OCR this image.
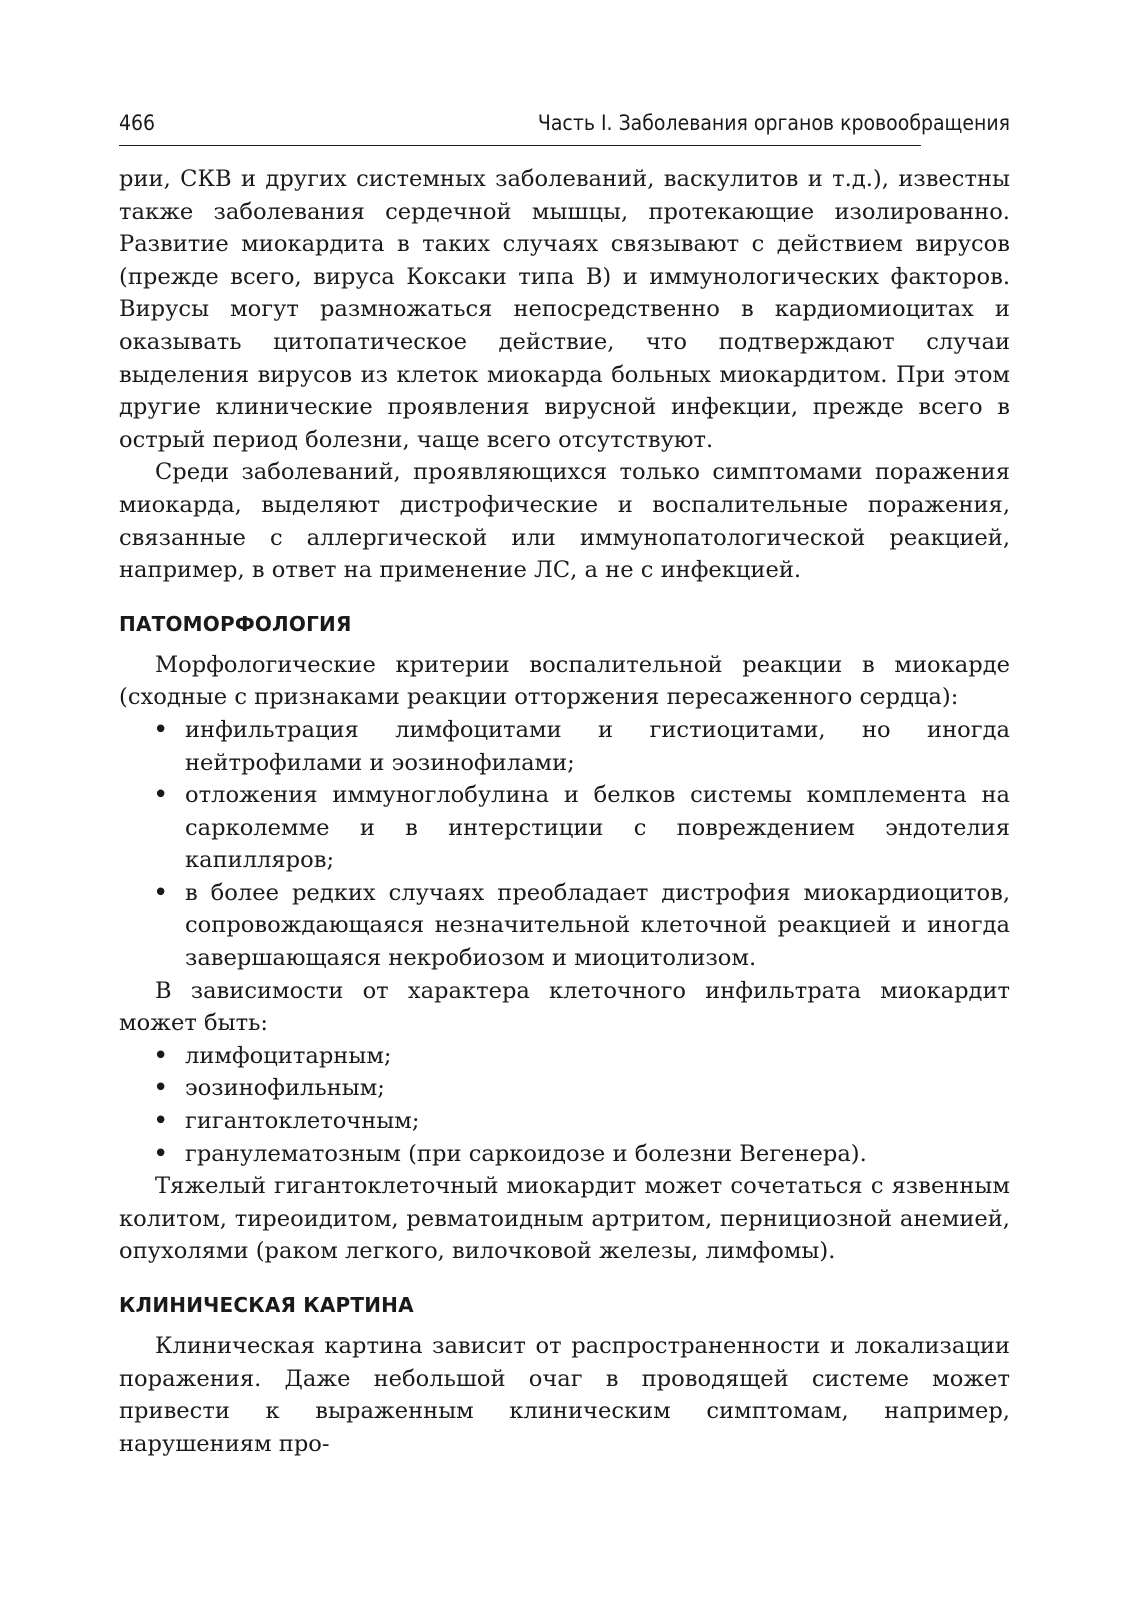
466	Часть I. Заболевания органов кровообращения

рии, СКВ и других системных заболеваний, васкулитов и т.д.), известны также заболевания сердечной мышцы, протекающие изолированно. Развитие миокардита в таких случаях связывают с действием вирусов (прежде всего, вируса Коксаки типа В) и иммунологических факторов. Вирусы могут размножаться непосредственно в кардиомиоцитах и оказывать цитопатическое действие, что подтверждают случаи выделения вирусов из клеток миокарда больных миокардитом. При этом другие клинические проявления вирусной инфекции, прежде всего в острый период болезни, чаще всего отсутствуют.

Среди заболеваний, проявляющихся только симптомами поражения миокарда, выделяют дистрофические и воспалительные поражения, связанные с аллергической или иммунопатологической реакцией, например, в ответ на применение ЛС, а не с инфекцией.

ПАТОМОРФОЛОГИЯ

Морфологические критерии воспалительной реакции в миокарде (сходные с признаками реакции отторжения пересаженного сердца):

• инфильтрация лимфоцитами и гистиоцитами, но иногда нейтрофилами и эозинофилами;
• отложения иммуноглобулина и белков системы комплемента на сарколемме и в интерстиции с повреждением эндотелия капилляров;
• в более редких случаях преобладает дистрофия миокардиоцитов, сопровождающаяся незначительной клеточной реакцией и иногда завершающаяся некробиозом и миоцитолизом.

В зависимости от характера клеточного инфильтрата миокардит может быть:

• лимфоцитарным;
• эозинофильным;
• гигантоклеточным;
• гранулематозным (при саркоидозе и болезни Вегенера).

Тяжелый гигантоклеточный миокардит может сочетаться с язвенным колитом, тиреоидитом, ревматоидным артритом, пернициозной анемией, опухолями (раком легкого, вилочковой железы, лимфомы).

КЛИНИЧЕСКАЯ КАРТИНА

Клиническая картина зависит от распространенности и локализации поражения. Даже небольшой очаг в проводящей системе может привести к выраженным клиническим симптомам, например, нарушениям про-
